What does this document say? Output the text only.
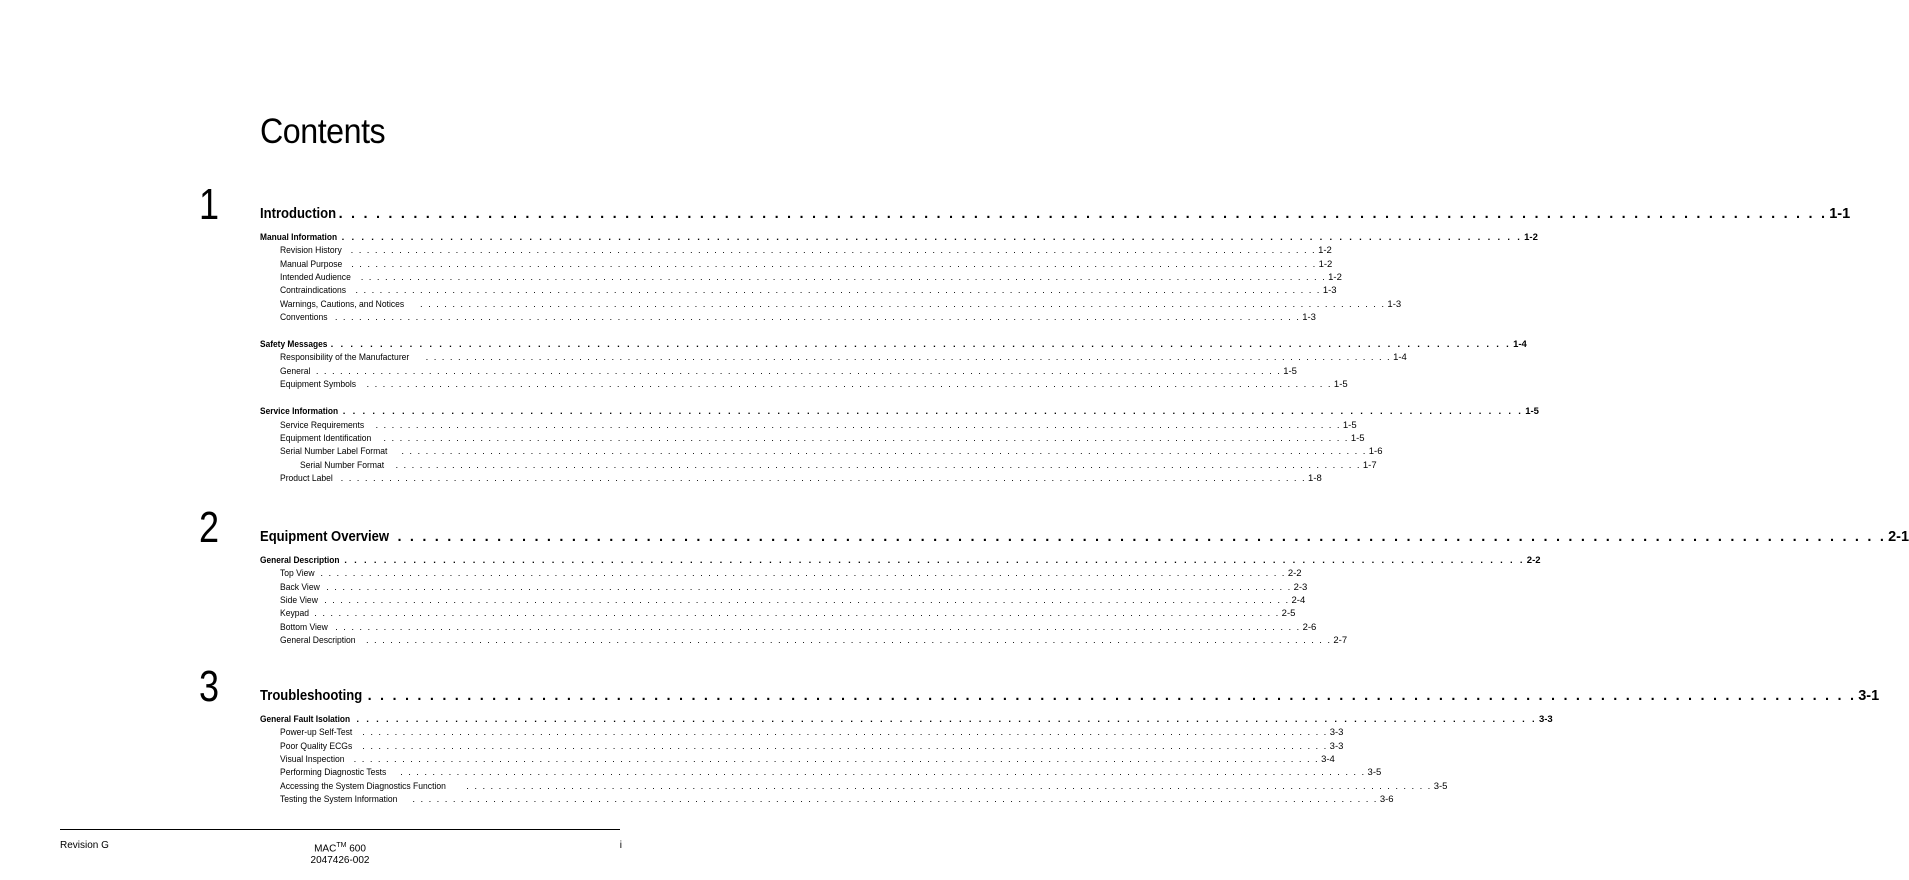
Contents
1	Introduction . . . . . . . . . . . . . . . . . . . . . . . . . . . . . . . . . . . . . . . . . . . . . . . . . . . . . . . . . . . . . . . . . . . . . . . . . . . . . . . . . . . . . . . . . . . . . . . . . . . . . . . . . . . . . . . . . . . . . . . . 1-1
Manual Information . . . . . . . . . . . . . . . . . . . . . . . . . . . . . . . . . . . . . . . . . . . . . . . . . . . . . . . . . . . . . . . . . . . . . . . . . . . . . . . . . . . . . . . . . . . . . . . . . . . . . . . . . . . . . . . . . . . . . . . . 1-2
Revision History . . . . . . . . . . . . . . . . . . . . . . . . . . . . . . . . . . . . . . . . . . . . . . . . . . . . . . . . . . . . . . . . . . . . . . . . . . . . . . . . . . . . . . . . . . . . . . . . . . . . . . . . . . . . . . . . . . . . . . . . 1-2
Manual Purpose . . . . . . . . . . . . . . . . . . . . . . . . . . . . . . . . . . . . . . . . . . . . . . . . . . . . . . . . . . . . . . . . . . . . . . . . . . . . . . . . . . . . . . . . . . . . . . . . . . . . . . . . . . . . . . . . . . . . . . . . 1-2
Intended Audience . . . . . . . . . . . . . . . . . . . . . . . . . . . . . . . . . . . . . . . . . . . . . . . . . . . . . . . . . . . . . . . . . . . . . . . . . . . . . . . . . . . . . . . . . . . . . . . . . . . . . . . . . . . . . . . . . . . . . . . . 1-2
Contraindications . . . . . . . . . . . . . . . . . . . . . . . . . . . . . . . . . . . . . . . . . . . . . . . . . . . . . . . . . . . . . . . . . . . . . . . . . . . . . . . . . . . . . . . . . . . . . . . . . . . . . . . . . . . . . . . . . . . . . . . . 1-3
Warnings, Cautions, and Notices . . . . . . . . . . . . . . . . . . . . . . . . . . . . . . . . . . . . . . . . . . . . . . . . . . . . . . . . . . . . . . . . . . . . . . . . . . . . . . . . . . . . . . . . . . . . . . . . . . . . . . . . . . . . . . . . . . . . . . . . 1-3
Conventions . . . . . . . . . . . . . . . . . . . . . . . . . . . . . . . . . . . . . . . . . . . . . . . . . . . . . . . . . . . . . . . . . . . . . . . . . . . . . . . . . . . . . . . . . . . . . . . . . . . . . . . . . . . . . . . . . . . . . . . . 1-3
Safety Messages . . . . . . . . . . . . . . . . . . . . . . . . . . . . . . . . . . . . . . . . . . . . . . . . . . . . . . . . . . . . . . . . . . . . . . . . . . . . . . . . . . . . . . . . . . . . . . . . . . . . . . . . . . . . . . . . . . . . . . . . 1-4
Responsibility of the Manufacturer . . . . . . . . . . . . . . . . . . . . . . . . . . . . . . . . . . . . . . . . . . . . . . . . . . . . . . . . . . . . . . . . . . . . . . . . . . . . . . . . . . . . . . . . . . . . . . . . . . . . . . . . . . . . . . . . . . . . . . . . 1-4
General . . . . . . . . . . . . . . . . . . . . . . . . . . . . . . . . . . . . . . . . . . . . . . . . . . . . . . . . . . . . . . . . . . . . . . . . . . . . . . . . . . . . . . . . . . . . . . . . . . . . . . . . . . . . . . . . . . . . . . . . 1-5
Equipment Symbols . . . . . . . . . . . . . . . . . . . . . . . . . . . . . . . . . . . . . . . . . . . . . . . . . . . . . . . . . . . . . . . . . . . . . . . . . . . . . . . . . . . . . . . . . . . . . . . . . . . . . . . . . . . . . . . . . . . . . . . . 1-5
Service Information . . . . . . . . . . . . . . . . . . . . . . . . . . . . . . . . . . . . . . . . . . . . . . . . . . . . . . . . . . . . . . . . . . . . . . . . . . . . . . . . . . . . . . . . . . . . . . . . . . . . . . . . . . . . . . . . . . . . . . . . 1-5
Service Requirements . . . . . . . . . . . . . . . . . . . . . . . . . . . . . . . . . . . . . . . . . . . . . . . . . . . . . . . . . . . . . . . . . . . . . . . . . . . . . . . . . . . . . . . . . . . . . . . . . . . . . . . . . . . . . . . . . . . . . . . . 1-5
Equipment Identification . . . . . . . . . . . . . . . . . . . . . . . . . . . . . . . . . . . . . . . . . . . . . . . . . . . . . . . . . . . . . . . . . . . . . . . . . . . . . . . . . . . . . . . . . . . . . . . . . . . . . . . . . . . . . . . . . . . . . . . . 1-5
Serial Number Label Format . . . . . . . . . . . . . . . . . . . . . . . . . . . . . . . . . . . . . . . . . . . . . . . . . . . . . . . . . . . . . . . . . . . . . . . . . . . . . . . . . . . . . . . . . . . . . . . . . . . . . . . . . . . . . . . . . . . . . . . . 1-6
Serial Number Format . . . . . . . . . . . . . . . . . . . . . . . . . . . . . . . . . . . . . . . . . . . . . . . . . . . . . . . . . . . . . . . . . . . . . . . . . . . . . . . . . . . . . . . . . . . . . . . . . . . . . . . . . . . . . . . . . . . . . . . . 1-7
Product Label . . . . . . . . . . . . . . . . . . . . . . . . . . . . . . . . . . . . . . . . . . . . . . . . . . . . . . . . . . . . . . . . . . . . . . . . . . . . . . . . . . . . . . . . . . . . . . . . . . . . . . . . . . . . . . . . . . . . . . . . 1-8
2	Equipment Overview . . . . . . . . . . . . . . . . . . . . . . . . . . . . . . . . . . . . . . . . . . . . . . . . . . . . . . . . . . . . . . . . . . . . . . . . . . . . . . . . . . . . . . . . . . . . . . . . . . . . . . . . . . . . . . . . . . . . . . . . 2-1
General Description . . . . . . . . . . . . . . . . . . . . . . . . . . . . . . . . . . . . . . . . . . . . . . . . . . . . . . . . . . . . . . . . . . . . . . . . . . . . . . . . . . . . . . . . . . . . . . . . . . . . . . . . . . . . . . . . . . . . . . . . 2-2
Top View . . . . . . . . . . . . . . . . . . . . . . . . . . . . . . . . . . . . . . . . . . . . . . . . . . . . . . . . . . . . . . . . . . . . . . . . . . . . . . . . . . . . . . . . . . . . . . . . . . . . . . . . . . . . . . . . . . . . . . . . 2-2
Back View . . . . . . . . . . . . . . . . . . . . . . . . . . . . . . . . . . . . . . . . . . . . . . . . . . . . . . . . . . . . . . . . . . . . . . . . . . . . . . . . . . . . . . . . . . . . . . . . . . . . . . . . . . . . . . . . . . . . . . . . 2-3
Side View . . . . . . . . . . . . . . . . . . . . . . . . . . . . . . . . . . . . . . . . . . . . . . . . . . . . . . . . . . . . . . . . . . . . . . . . . . . . . . . . . . . . . . . . . . . . . . . . . . . . . . . . . . . . . . . . . . . . . . . . 2-4
Keypad . . . . . . . . . . . . . . . . . . . . . . . . . . . . . . . . . . . . . . . . . . . . . . . . . . . . . . . . . . . . . . . . . . . . . . . . . . . . . . . . . . . . . . . . . . . . . . . . . . . . . . . . . . . . . . . . . . . . . . . . 2-5
Bottom View . . . . . . . . . . . . . . . . . . . . . . . . . . . . . . . . . . . . . . . . . . . . . . . . . . . . . . . . . . . . . . . . . . . . . . . . . . . . . . . . . . . . . . . . . . . . . . . . . . . . . . . . . . . . . . . . . . . . . . . . 2-6
General Description . . . . . . . . . . . . . . . . . . . . . . . . . . . . . . . . . . . . . . . . . . . . . . . . . . . . . . . . . . . . . . . . . . . . . . . . . . . . . . . . . . . . . . . . . . . . . . . . . . . . . . . . . . . . . . . . . . . . . . . . 2-7
3	Troubleshooting . . . . . . . . . . . . . . . . . . . . . . . . . . . . . . . . . . . . . . . . . . . . . . . . . . . . . . . . . . . . . . . . . . . . . . . . . . . . . . . . . . . . . . . . . . . . . . . . . . . . . . . . . . . . . . . . . . . . . . . . 3-1
General Fault Isolation . . . . . . . . . . . . . . . . . . . . . . . . . . . . . . . . . . . . . . . . . . . . . . . . . . . . . . . . . . . . . . . . . . . . . . . . . . . . . . . . . . . . . . . . . . . . . . . . . . . . . . . . . . . . . . . . . . . . . . . . 3-3
Power-up Self-Test . . . . . . . . . . . . . . . . . . . . . . . . . . . . . . . . . . . . . . . . . . . . . . . . . . . . . . . . . . . . . . . . . . . . . . . . . . . . . . . . . . . . . . . . . . . . . . . . . . . . . . . . . . . . . . . . . . . . . . . . 3-3
Poor Quality ECGs . . . . . . . . . . . . . . . . . . . . . . . . . . . . . . . . . . . . . . . . . . . . . . . . . . . . . . . . . . . . . . . . . . . . . . . . . . . . . . . . . . . . . . . . . . . . . . . . . . . . . . . . . . . . . . . . . . . . . . . . 3-3
Visual Inspection . . . . . . . . . . . . . . . . . . . . . . . . . . . . . . . . . . . . . . . . . . . . . . . . . . . . . . . . . . . . . . . . . . . . . . . . . . . . . . . . . . . . . . . . . . . . . . . . . . . . . . . . . . . . . . . . . . . . . . . . 3-4
Performing Diagnostic Tests . . . . . . . . . . . . . . . . . . . . . . . . . . . . . . . . . . . . . . . . . . . . . . . . . . . . . . . . . . . . . . . . . . . . . . . . . . . . . . . . . . . . . . . . . . . . . . . . . . . . . . . . . . . . . . . . . . . . . . . . 3-5
Accessing the System Diagnostics Function . . . . . . . . . . . . . . . . . . . . . . . . . . . . . . . . . . . . . . . . . . . . . . . . . . . . . . . . . . . . . . . . . . . . . . . . . . . . . . . . . . . . . . . . . . . . . . . . . . . . . . . . . . . . . . . . . . . . . . . . 3-5
Testing the System Information . . . . . . . . . . . . . . . . . . . . . . . . . . . . . . . . . . . . . . . . . . . . . . . . . . . . . . . . . . . . . . . . . . . . . . . . . . . . . . . . . . . . . . . . . . . . . . . . . . . . . . . . . . . . . . . . . . . . . . . . 3-6
Revision G	MAC™ 600
2047426-002
i
